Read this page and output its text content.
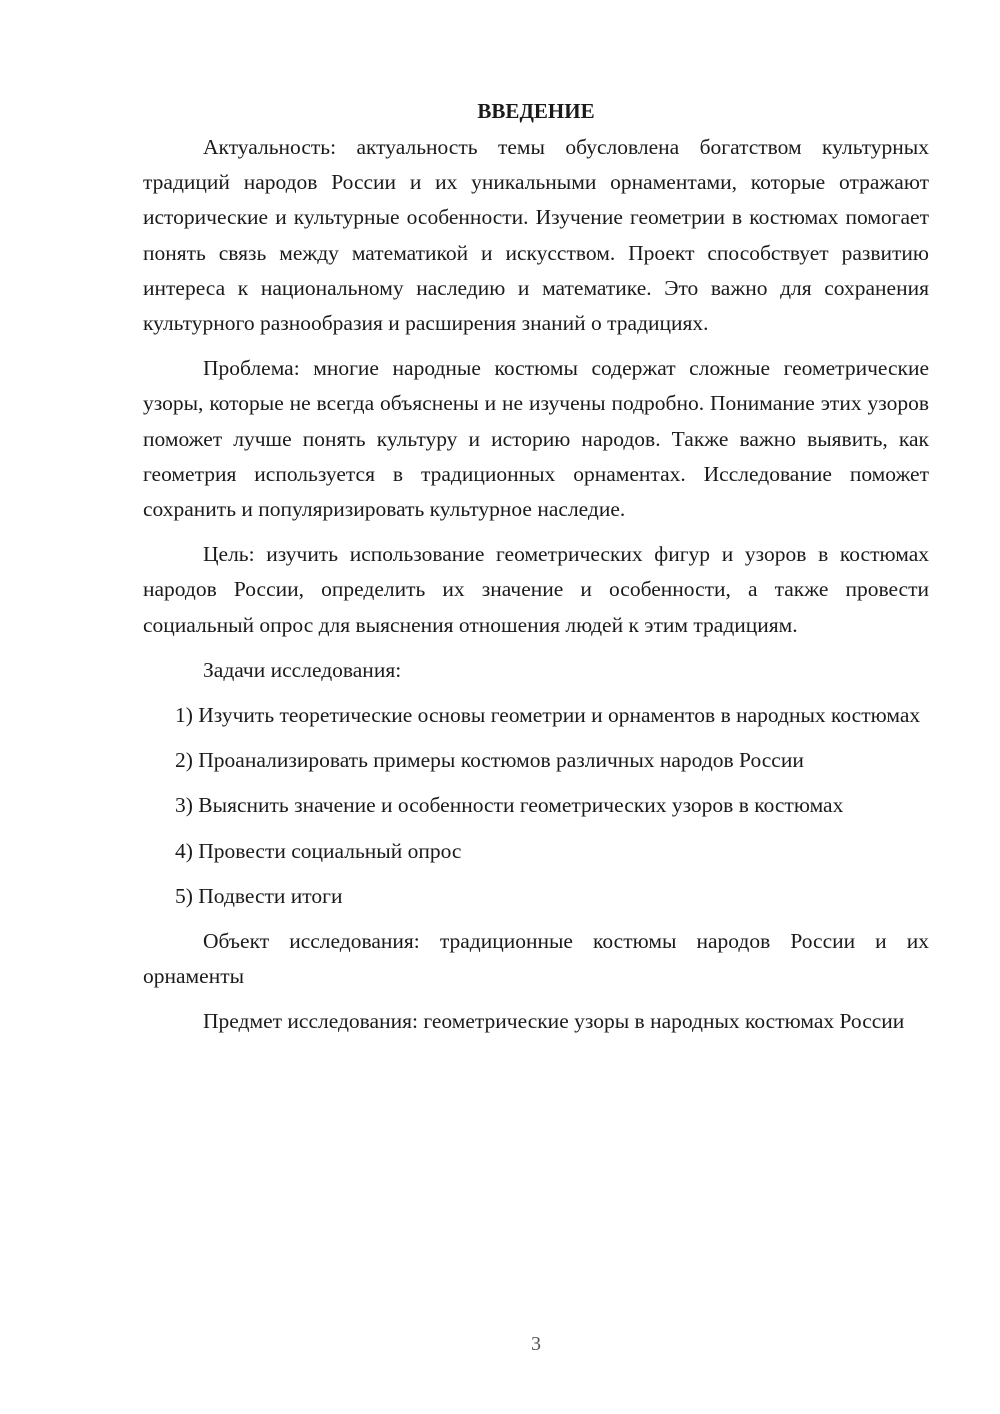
ВВЕДЕНИЕ

Актуальность: актуальность темы обусловлена богатством культурных традиций народов России и их уникальными орнаментами, которые отражают исторические и культурные особенности. Изучение геометрии в костюмах помогает понять связь между математикой и искусством. Проект способствует развитию интереса к национальному наследию и математике. Это важно для сохранения культурного разнообразия и расширения знаний о традициях.

Проблема: многие народные костюмы содержат сложные геометрические узоры, которые не всегда объяснены и не изучены подробно. Понимание этих узоров поможет лучше понять культуру и историю народов. Также важно выявить, как геометрия используется в традиционных орнаментах. Исследование поможет сохранить и популяризировать культурное наследие.

Цель: изучить использование геометрических фигур и узоров в костюмах народов России, определить их значение и особенности, а также провести социальный опрос для выяснения отношения людей к этим традициям.

Задачи исследования:

1) Изучить теоретические основы геометрии и орнаментов в народных костюмах

2) Проанализировать примеры костюмов различных народов России

3) Выяснить значение и особенности геометрических узоров в костюмах

4) Провести социальный опрос

5) Подвести итоги

Объект исследования: традиционные костюмы народов России и их орнаменты

Предмет исследования: геометрические узоры в народных костюмах России

3
